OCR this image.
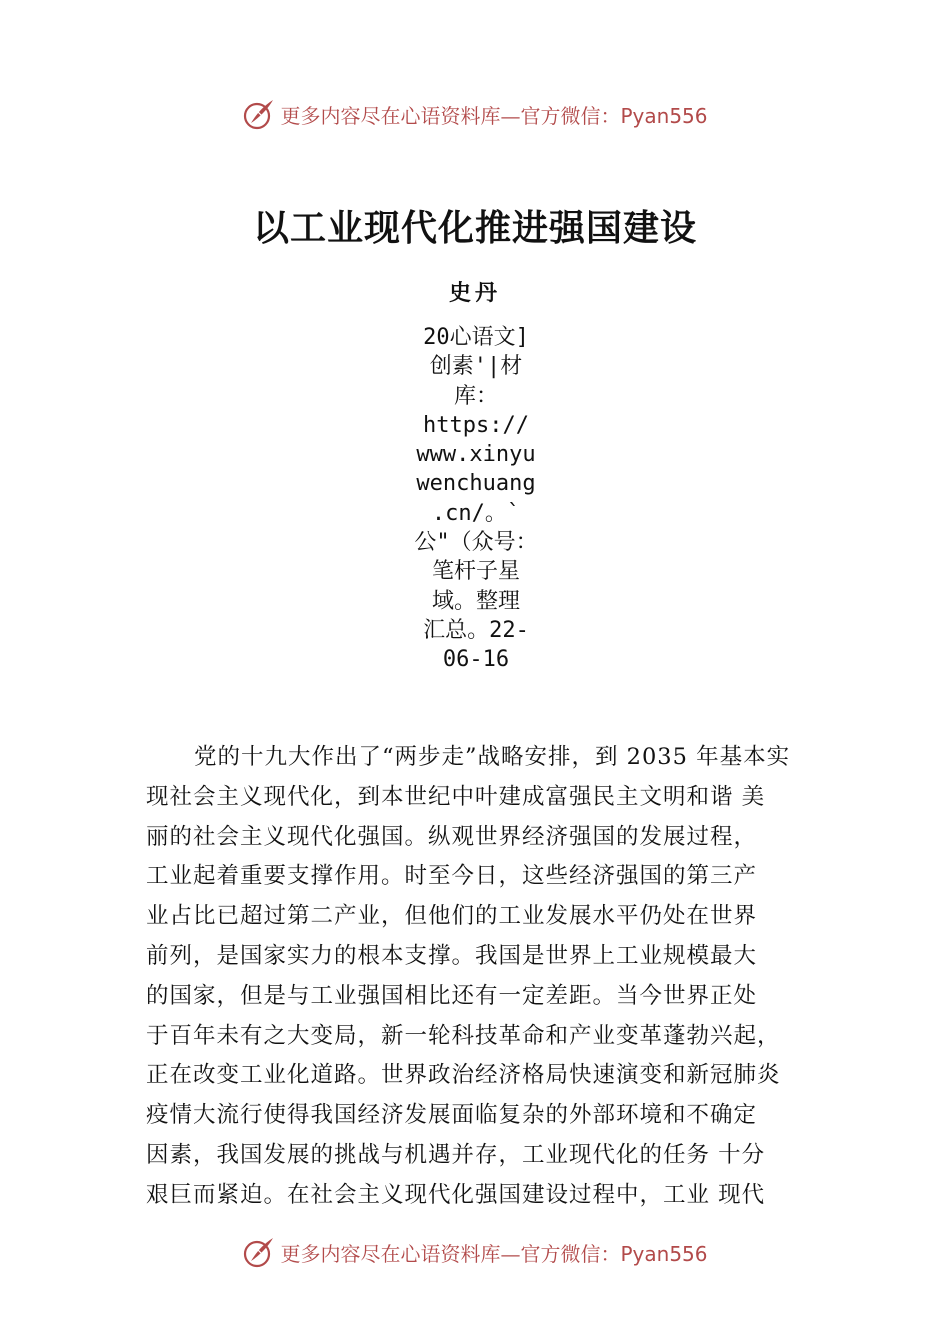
更多内容尽在心语资料库—官方微信：Pyan556
以工业现代化推进强国建设
史丹
20心语文]
创素'|材
库：
https://
www.xinyu
wenchuang
.cn/。`
公"（众号：
笔杆子星
域。整理
汇总。22-
06-16
党的十九大作出了“两步走”战略安排，到 2035 年基本实
现社会主义现代化，到本世纪中叶建成富强民主文明和谐 美
丽的社会主义现代化强国。纵观世界经济强国的发展过程，
工业起着重要支撑作用。时至今日，这些经济强国的第三产
业占比已超过第二产业，但他们的工业发展水平仍处在世界
前列，是国家实力的根本支撑。我国是世界上工业规模最大
的国家，但是与工业强国相比还有一定差距。当今世界正处
于百年未有之大变局，新一轮科技革命和产业变革蓬勃兴起，
正在改变工业化道路。世界政治经济格局快速演变和新冠肺炎
疫情大流行使得我国经济发展面临复杂的外部环境和不确定
因素，我国发展的挑战与机遇并存，工业现代化的任务 十分
艰巨而紧迫。在社会主义现代化强国建设过程中，工业 现代
更多内容尽在心语资料库—官方微信：Pyan556
